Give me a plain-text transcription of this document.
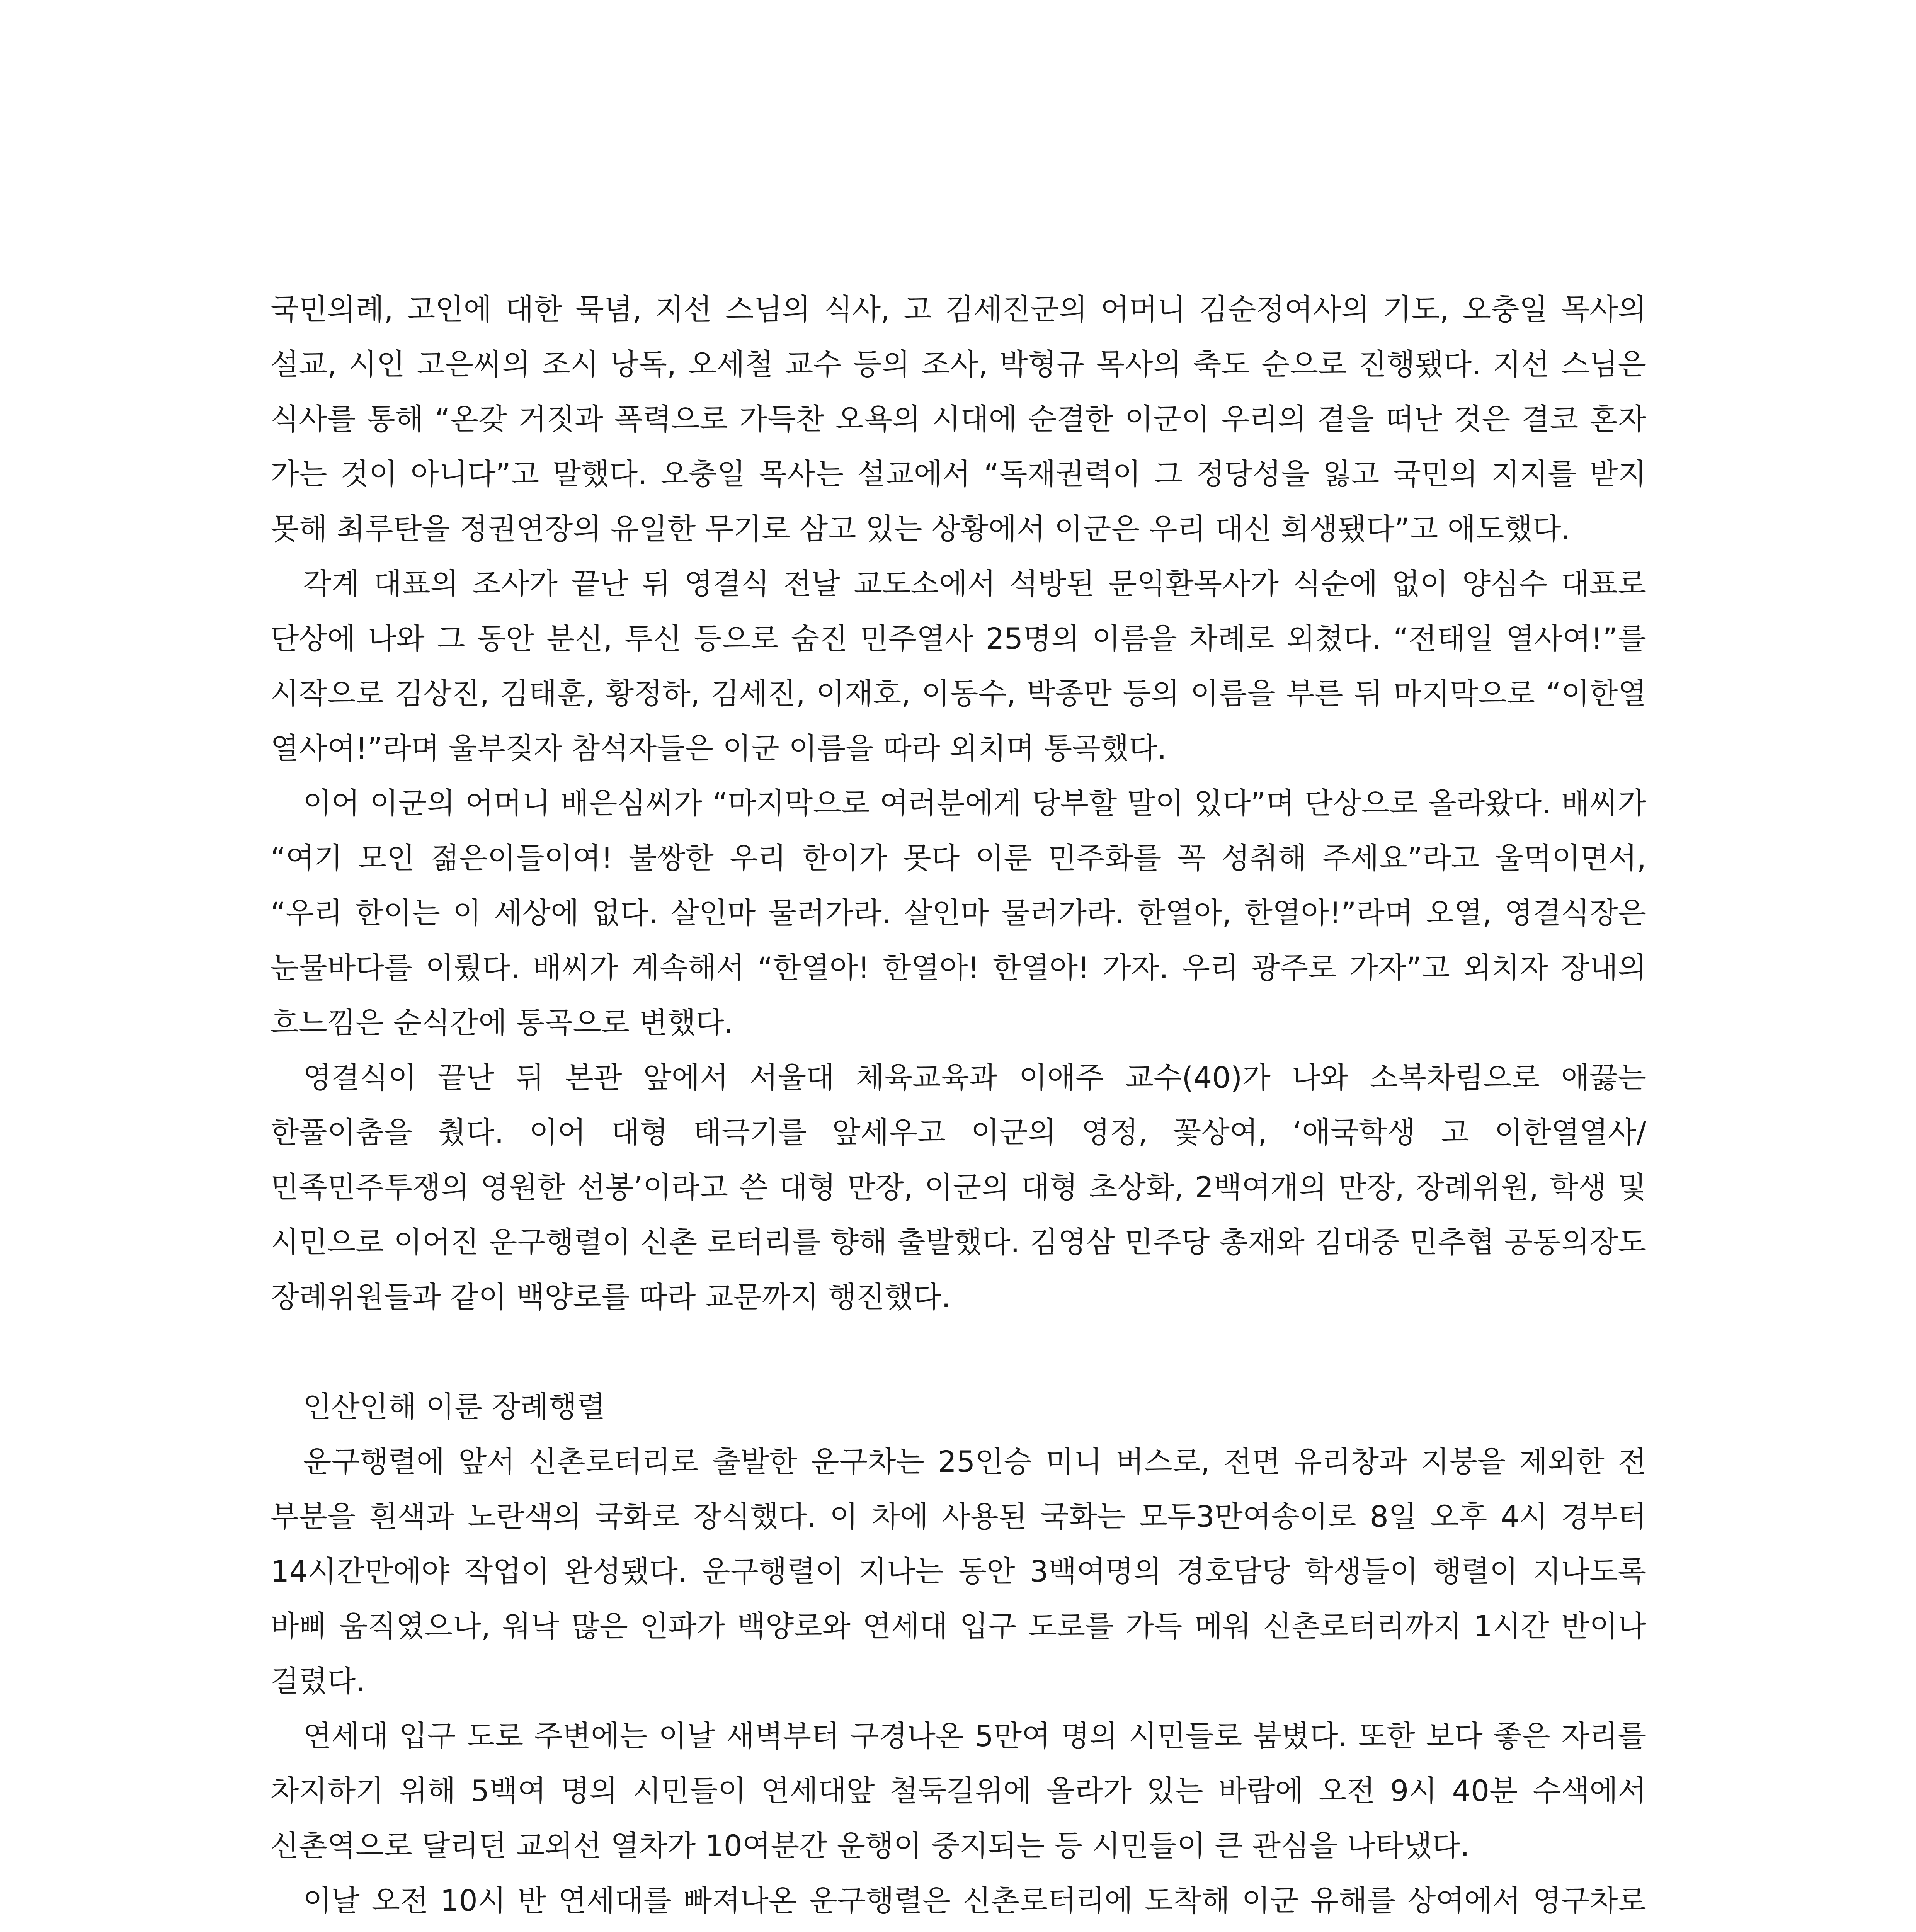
국민의례, 고인에 대한 묵념, 지선 스님의 식사, 고 김세진군의 어머니 김순정여사의 기도, 오충일 목사의 설교, 시인 고은씨의 조시 낭독, 오세철 교수 등의 조사, 박형규 목사의 축도 순으로 진행됐다. 지선 스님은 식사를 통해 “온갖 거짓과 폭력으로 가득찬 오욕의 시대에 순결한 이군이 우리의 곁을 떠난 것은 결코 혼자 가는 것이 아니다”고 말했다. 오충일 목사는 설교에서 “독재권력이 그 정당성을 잃고 국민의 지지를 받지 못해 최루탄을 정권연장의 유일한 무기로 삼고 있는 상황에서 이군은 우리 대신 희생됐다”고 애도했다.

각계 대표의 조사가 끝난 뒤 영결식 전날 교도소에서 석방된 문익환목사가 식순에 없이 양심수 대표로 단상에 나와 그 동안 분신, 투신 등으로 숨진 민주열사 25명의 이름을 차례로 외쳤다. “전태일 열사여!”를 시작으로 김상진, 김태훈, 황정하, 김세진, 이재호, 이동수, 박종만 등의 이름을 부른 뒤 마지막으로 “이한열 열사여!”라며 울부짖자 참석자들은 이군 이름을 따라 외치며 통곡했다.

이어 이군의 어머니 배은심씨가 “마지막으로 여러분에게 당부할 말이 있다”며 단상으로 올라왔다. 배씨가 “여기 모인 젊은이들이여! 불쌍한 우리 한이가 못다 이룬 민주화를 꼭 성취해 주세요”라고 울먹이면서, “우리 한이는 이 세상에 없다. 살인마 물러가라. 살인마 물러가라. 한열아, 한열아!”라며 오열, 영결식장은 눈물바다를 이뤘다. 배씨가 계속해서 “한열아! 한열아! 한열아! 가자. 우리 광주로 가자”고 외치자 장내의 흐느낌은 순식간에 통곡으로 변했다.

영결식이 끝난 뒤 본관 앞에서 서울대 체육교육과 이애주 교수(40)가 나와 소복차림으로 애끓는 한풀이춤을 췄다. 이어 대형 태극기를 앞세우고 이군의 영정, 꽃상여, ‘애국학생 고 이한열열사/민족민주투쟁의 영원한 선봉’이라고 쓴 대형 만장, 이군의 대형 초상화, 2백여개의 만장, 장례위원, 학생 및 시민으로 이어진 운구행렬이 신촌 로터리를 향해 출발했다. 김영삼 민주당 총재와 김대중 민추협 공동의장도 장례위원들과 같이 백양로를 따라 교문까지 행진했다.

인산인해 이룬 장례행렬

운구행렬에 앞서 신촌로터리로 출발한 운구차는 25인승 미니 버스로, 전면 유리창과 지붕을 제외한 전 부분을 흰색과 노란색의 국화로 장식했다. 이 차에 사용된 국화는 모두3만여송이로 8일 오후 4시 경부터 14시간만에야 작업이 완성됐다. 운구행렬이 지나는 동안 3백여명의 경호담당 학생들이 행렬이 지나도록 바삐 움직였으나, 워낙 많은 인파가 백양로와 연세대 입구 도로를 가득 메워 신촌로터리까지 1시간 반이나 걸렸다.

연세대 입구 도로 주변에는 이날 새벽부터 구경나온 5만여 명의 시민들로 붐볐다. 또한 보다 좋은 자리를 차지하기 위해 5백여 명의 시민들이 연세대앞 철둑길위에 올라가 있는 바람에 오전 9시 40분 수색에서 신촌역으로 달리던 교외선 열차가 10여분간 운행이 중지되는 등 시민들이 큰 관심을 나타냈다.

이날 오전 10시 반 연세대를 빠져나온 운구행렬은 신촌로터리에 도착해 이군 유해를 상여에서 영구차로
